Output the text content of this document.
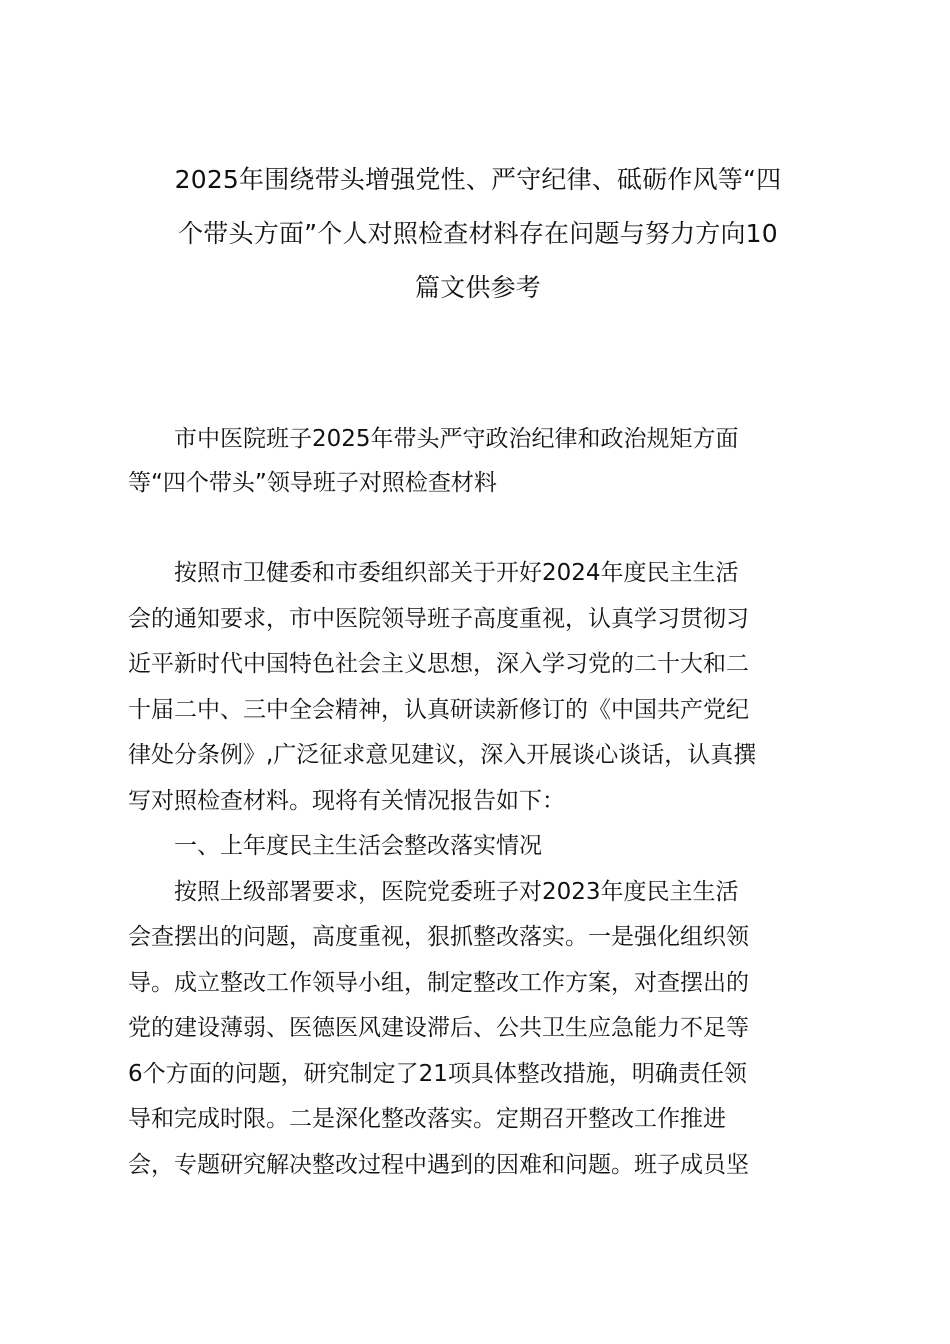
2025年围绕带头增强党性、严守纪律、砥砺作风等“四
个带头方面”个人对照检查材料存在问题与努力方向10
篇文供参考
市中医院班子2025年带头严守政治纪律和政治规矩方面
等“四个带头”领导班子对照检查材料
按照市卫健委和市委组织部关于开好2024年度民主生活
会的通知要求，市中医院领导班子高度重视，认真学习贯彻习
近平新时代中国特色社会主义思想，深入学习党的二十大和二
十届二中、三中全会精神，认真研读新修订的《中国共产党纪
律处分条例》,广泛征求意见建议，深入开展谈心谈话，认真撰
写对照检查材料。现将有关情况报告如下：
一、上年度民主生活会整改落实情况
按照上级部署要求，医院党委班子对2023年度民主生活
会查摆出的问题，高度重视，狠抓整改落实。一是强化组织领
导。成立整改工作领导小组，制定整改工作方案，对查摆出的
党的建设薄弱、医德医风建设滞后、公共卫生应急能力不足等
6个方面的问题，研究制定了21项具体整改措施，明确责任领
导和完成时限。二是深化整改落实。定期召开整改工作推进
会，专题研究解决整改过程中遇到的因难和问题。班子成员坚
